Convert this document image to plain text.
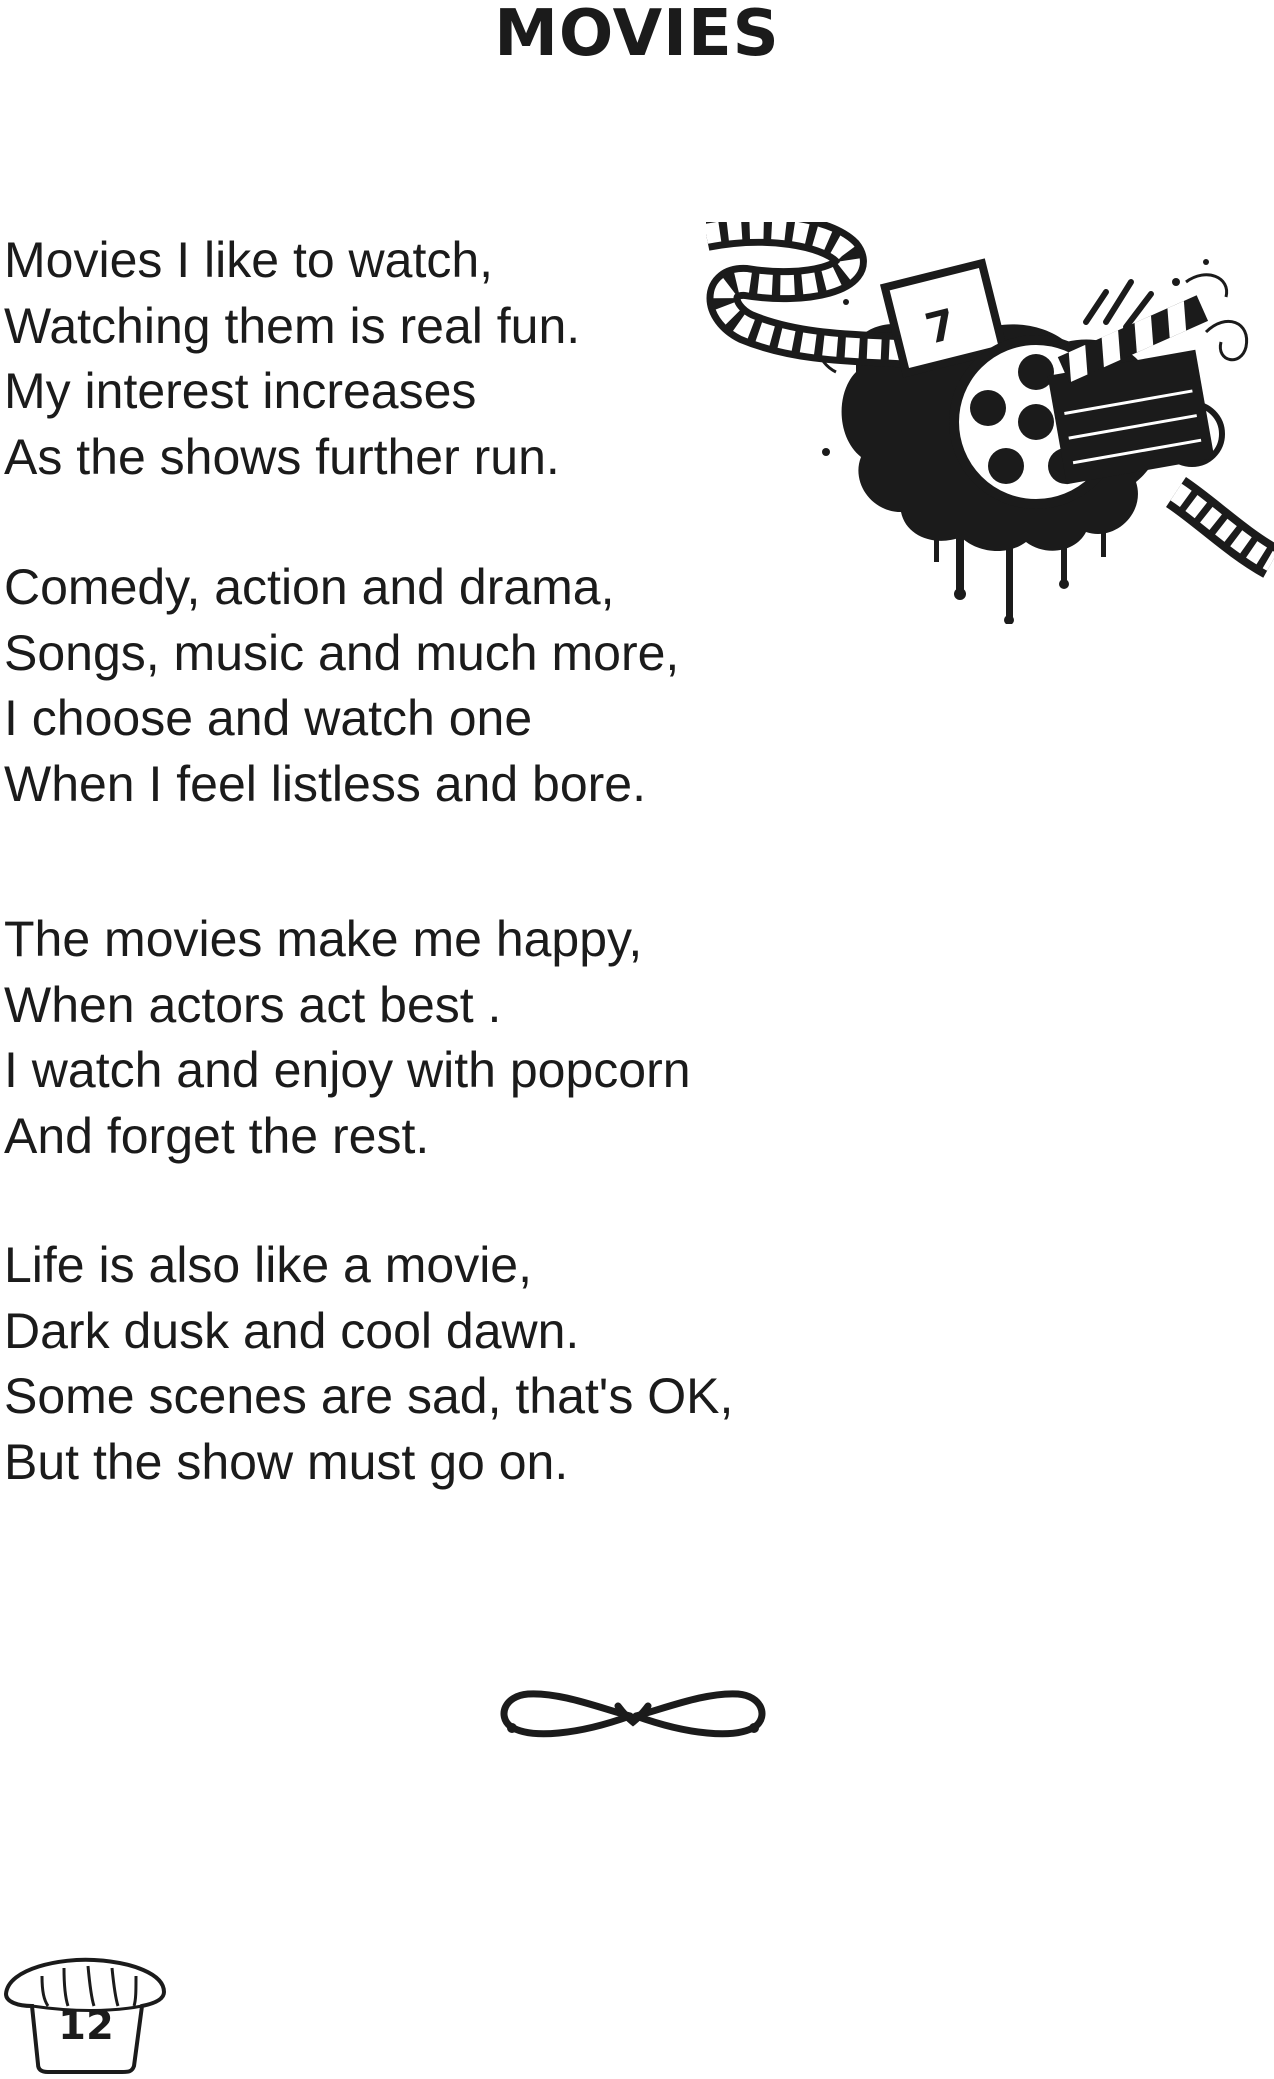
MOVIES
Movies I like to watch,
Watching them is real fun.
My interest increases
As the shows further run.
Comedy, action and drama,
Songs, music and much more,
I choose and watch one
When I feel listless and bore.
The movies make me happy,
When actors act best .
I watch and enjoy with popcorn
And forget the rest.
Life is also like a movie,
Dark dusk and cool dawn.
Some scenes are sad, that's OK,
But the show must go on.
7
12
